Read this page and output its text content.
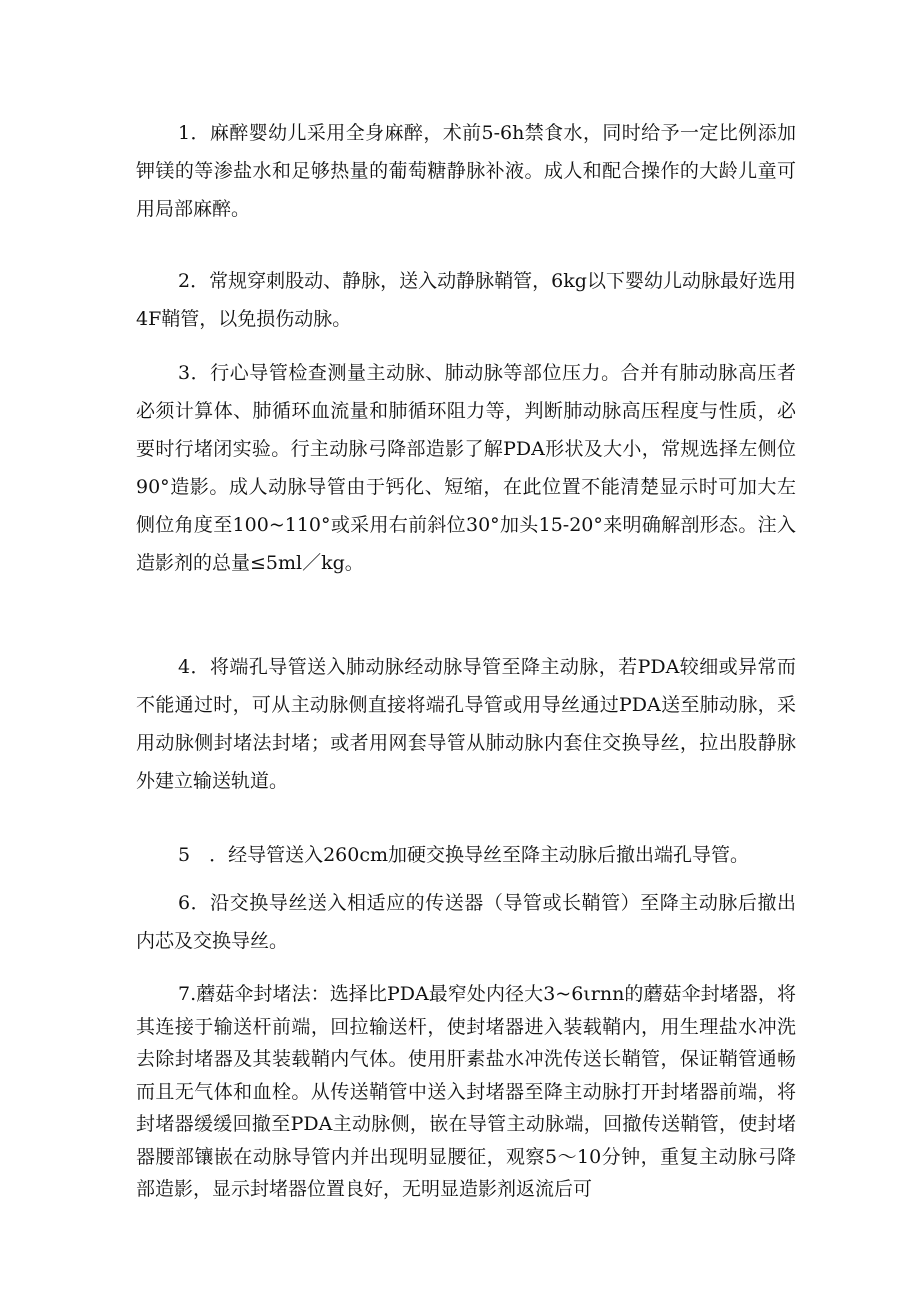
1．麻醉婴幼儿采用全身麻醉，术前5-6h禁食水，同时给予一定比例添加钾镁的等渗盐水和足够热量的葡萄糖静脉补液。成人和配合操作的大龄儿童可用局部麻醉。

2．常规穿刺股动、静脉，送入动静脉鞘管，6kg以下婴幼儿动脉最好选用4F鞘管，以免损伤动脉。

3．行心导管检查测量主动脉、肺动脉等部位压力。合并有肺动脉高压者必须计算体、肺循环血流量和肺循环阻力等，判断肺动脉高压程度与性质，必要时行堵闭实验。行主动脉弓降部造影了解PDA形状及大小，常规选择左侧位90°造影。成人动脉导管由于钙化、短缩，在此位置不能清楚显示时可加大左侧位角度至100~110°或采用右前斜位30°加头15-20°来明确解剖形态。注入造影剂的总量≤5ml／kg。

4．将端孔导管送入肺动脉经动脉导管至降主动脉，若PDA较细或异常而不能通过时，可从主动脉侧直接将端孔导管或用导丝通过PDA送至肺动脉，采用动脉侧封堵法封堵；或者用网套导管从肺动脉内套住交换导丝，拉出股静脉外建立输送轨道。

5　．经导管送入260cm加硬交换导丝至降主动脉后撤出端孔导管。

6．沿交换导丝送入相适应的传送器（导管或长鞘管）至降主动脉后撤出内芯及交换导丝。

7.蘑菇伞封堵法：选择比PDA最窄处内径大3~6ιrnn的蘑菇伞封堵器，将其连接于输送杆前端，回拉输送杆，使封堵器进入装载鞘内，用生理盐水冲洗去除封堵器及其装载鞘内气体。使用肝素盐水冲洗传送长鞘管，保证鞘管通畅而且无气体和血栓。从传送鞘管中送入封堵器至降主动脉打开封堵器前端，将封堵器缓缓回撤至PDA主动脉侧，嵌在导管主动脉端，回撤传送鞘管，使封堵器腰部镶嵌在动脉导管内并出现明显腰征，观察5～10分钟，重复主动脉弓降部造影，显示封堵器位置良好，无明显造影剂返流后可
